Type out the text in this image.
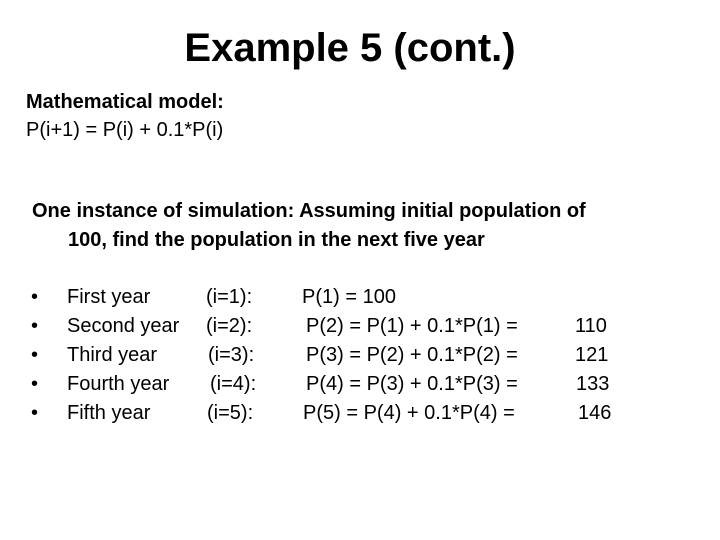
Example 5 (cont.)
Mathematical model:
P(i+1) = P(i) + 0.1*P(i)
One instance of simulation: Assuming initial population of
100, find the population in the next five year
• First year	(i=1): P(1) = 100
• Second year (i=2):	P(2) = P(1) + 0.1*P(1) =	110
• Third year	(i=3):	P(3) = P(2) + 0.1*P(2) =	121
• Fourth year (i=4): P(4) = P(3) + 0.1*P(3) =	133
• Fifth year	(i=5): P(5) = P(4) + 0.1*P(4) =	146
